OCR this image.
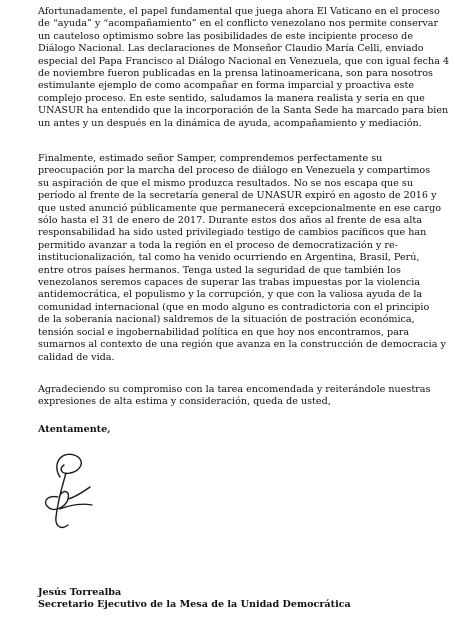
Afortunadamente, el papel fundamental que juega ahora El Vaticano en el proceso
de “ayuda” y “acompañamiento” en el conflicto venezolano nos permite conservar
un cauteloso optimismo sobre las posibilidades de este incipiente proceso de
Diálogo Nacional. Las declaraciones de Monseñor Claudio María Celli, enviado
especial del Papa Francisco al Diálogo Nacional en Venezuela, que con igual fecha 4
de noviembre fueron publicadas en la prensa latinoamericana, son para nosotros
estimulante ejemplo de como acompañar en forma imparcial y proactiva este
complejo proceso. En este sentido, saludamos la manera realista y seria en que
UNASUR ha entendido que la incorporación de la Santa Sede ha marcado para bien
un antes y un después en la dinámica de ayuda, acompañamiento y mediación.

Finalmente, estimado señor Samper, comprendemos perfectamente su
preocupación por la marcha del proceso de diálogo en Venezuela y compartimos
su aspiración de que el mismo produzca resultados. No se nos escapa que su
período al frente de la secretaría general de UNASUR expiró en agosto de 2016 y
que usted anunció públicamente que permanecerá excepcionalmente en ese cargo
sólo hasta el 31 de enero de 2017. Durante estos dos años al frente de esa alta
responsabilidad ha sido usted privilegiado testigo de cambios pacíficos que han
permitido avanzar a toda la región en el proceso de democratización y re-
institucionalización, tal como ha venido ocurriendo en Argentina, Brasil, Perú,
entre otros países hermanos. Tenga usted la seguridad de que también los
venezolanos seremos capaces de superar las trabas impuestas por la violencia
antidemocrática, el populismo y la corrupción, y que con la valiosa ayuda de la
comunidad internacional (que en modo alguno es contradictoria con el principio
de la soberanía nacional) saldremos de la situación de postración económica,
tensión social e ingobernabilidad política en que hoy nos encontramos, para
sumarnos al contexto de una región que avanza en la construcción de democracia y
calidad de vida.

Agradeciendo su compromiso con la tarea encomendada y reiterándole nuestras
expresiones de alta estima y consideración, queda de usted,

Atentamente,
Jesús Torrealba
Secretario Ejecutivo de la Mesa de la Unidad Democrática
